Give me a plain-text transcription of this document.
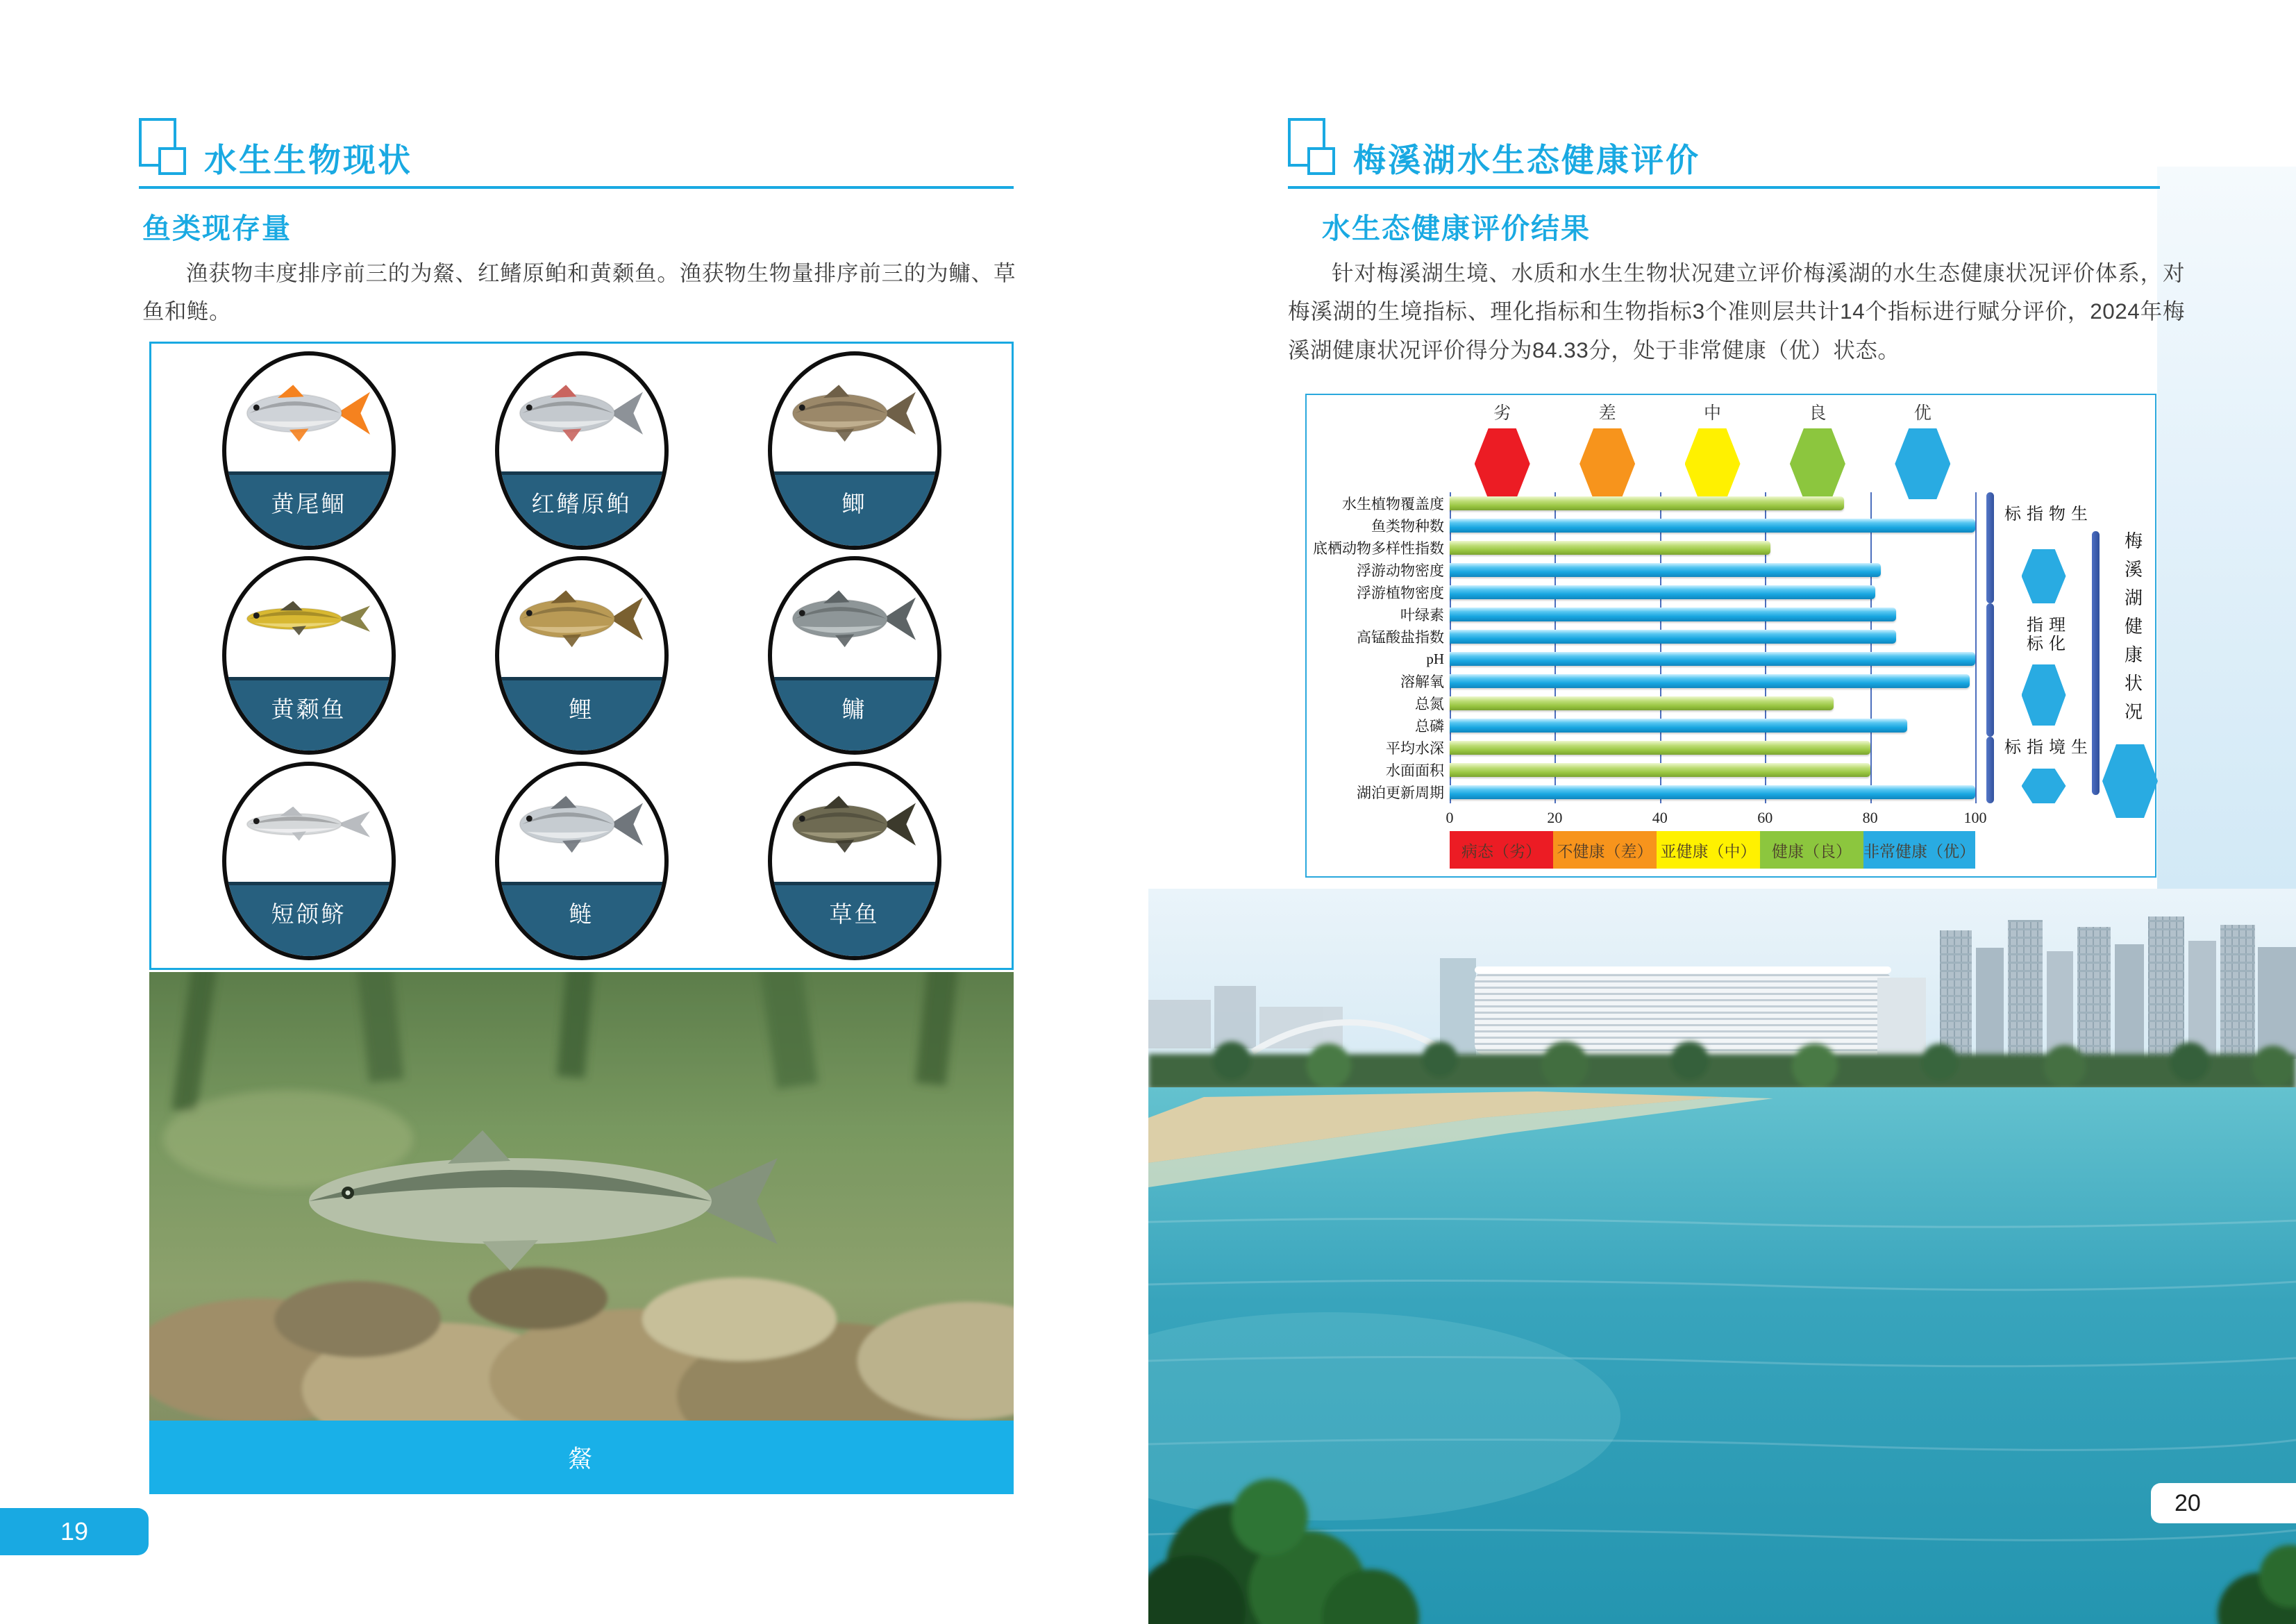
水生生物现状
鱼类现存量
渔获物丰度排序前三的为䱗、红鳍原鲌和黄颡鱼。渔获物生物量排序前三的为鳙、草鱼和鲢。
黄尾鲴	红鳍原鲌	鲫
黄颡鱼	鲤	鳙
短颌鲚	鲢	草鱼
䱗
19
梅溪湖水生态健康评价
水生态健康评价结果
针对梅溪湖生境、水质和水生生物状况建立评价梅溪湖的水生态健康状况评价体系，对梅溪湖的生境指标、理化指标和生物指标3个准则层共计14个指标进行赋分评价，2024年梅溪湖健康状况评价得分为84.33分，处于非常健康（优）状态。
劣	差	中	良	优
水生植物覆盖度
鱼类物种数
底栖动物多样性指数
浮游动物密度
浮游植物密度
叶绿素
高锰酸盐指数
pH
溶解氧
总氮
总磷
平均水深
水面面积
湖泊更新周期
0	20	40	60	80	100
病态（劣） 不健康（差） 亚健康（中） 健康（良） 非常健康（优）
生物指标
理化指标
生境指标
梅溪湖健康状况
20
